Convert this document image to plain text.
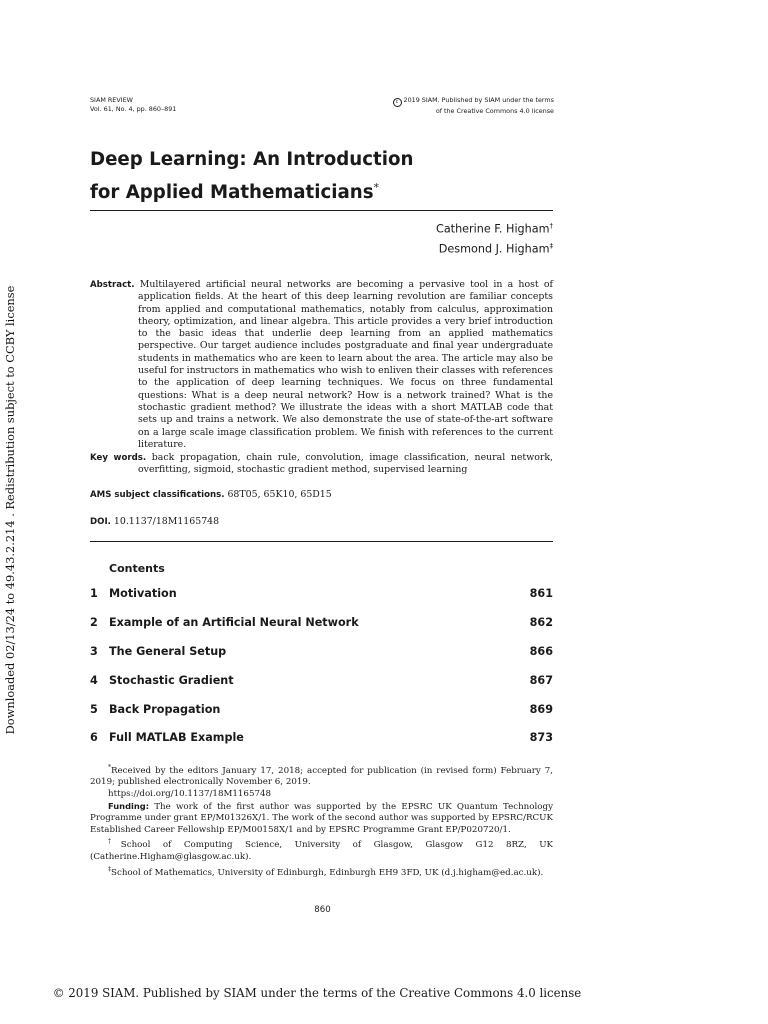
Downloaded 02/13/24 to 49.43.2.214 . Redistribution subject to CCBY license
SIAM REVIEW
Vol. 61, No. 4, pp. 860–891
c 2019 SIAM. Published by SIAM under the terms
of the Creative Commons 4.0 license
Deep Learning: An Introduction
for Applied Mathematicians*
Catherine F. Higham†
Desmond J. Higham‡

Abstract. Multilayered artificial neural networks are becoming a pervasive tool in a host of application fields. At the heart of this deep learning revolution are familiar concepts from applied and computational mathematics, notably from calculus, approximation theory, optimization, and linear algebra. This article provides a very brief introduction to the basic ideas that underlie deep learning from an applied mathematics perspective. Our target audience includes postgraduate and final year undergraduate students in mathematics who are keen to learn about the area. The article may also be useful for instructors in mathematics who wish to enliven their classes with references to the application of deep learning techniques. We focus on three fundamental questions: What is a deep neural network? How is a network trained? What is the stochastic gradient method? We illustrate the ideas with a short MATLAB code that sets up and trains a network. We also demonstrate the use of state-of-the-art software on a large scale image classification problem. We finish with references to the current literature.

Key words. back propagation, chain rule, convolution, image classification, neural network, overfitting, sigmoid, stochastic gradient method, supervised learning

AMS subject classifications. 68T05, 65K10, 65D15
DOI. 10.1137/18M1165748
Contents
1	Motivation	861
2	Example of an Artificial Neural Network	862
3	The General Setup	866
4	Stochastic Gradient	867
5	Back Propagation	869
6	Full MATLAB Example	873

*Received by the editors January 17, 2018; accepted for publication (in revised form) February 7, 2019; published electronically November 6, 2019.

https://doi.org/10.1137/18M1165748

Funding: The work of the first author was supported by the EPSRC UK Quantum Technology Programme under grant EP/M01326X/1. The work of the second author was supported by EPSRC/RCUK Established Career Fellowship EP/M00158X/1 and by EPSRC Programme Grant EP/P020720/1.

†School of Computing Science, University of Glasgow, Glasgow G12 8RZ, UK (Catherine.Higham@glasgow.ac.uk).

‡School of Mathematics, University of Edinburgh, Edinburgh EH9 3FD, UK (d.j.higham@ed.ac.uk).

860
© 2019 SIAM. Published by SIAM under the terms of the Creative Commons 4.0 license
